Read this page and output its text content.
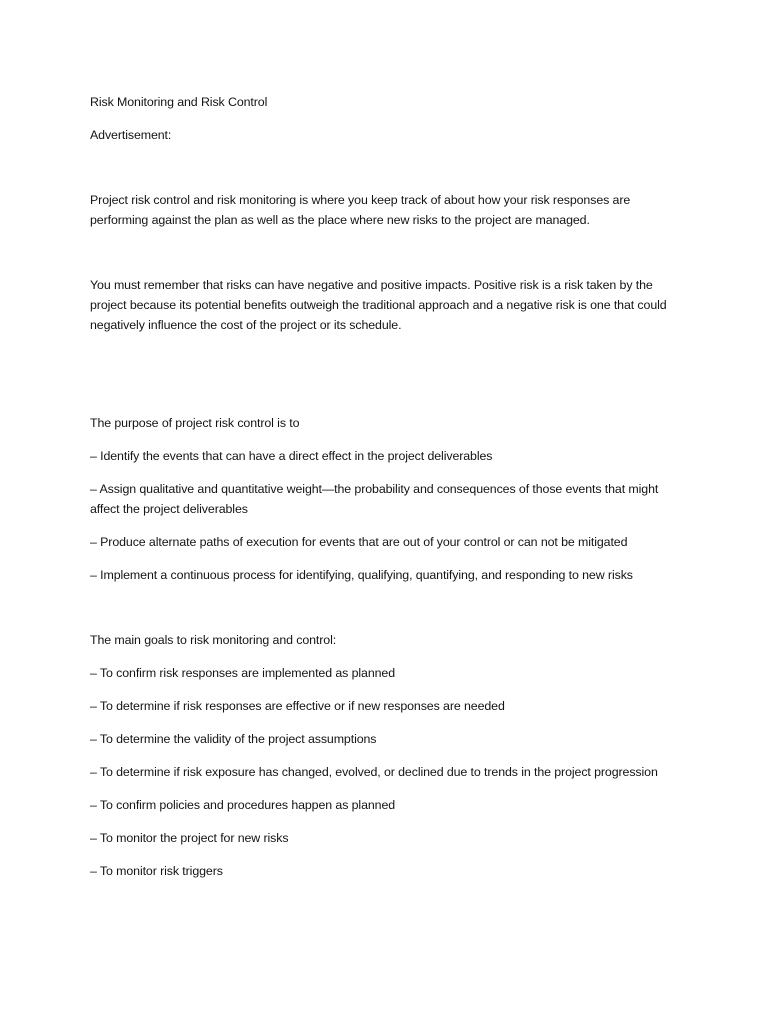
Risk Monitoring and Risk Control

Advertisement:

Project risk control and risk monitoring is where you keep track of about how your risk responses are performing against the plan as well as the place where new risks to the project are managed.

You must remember that risks can have negative and positive impacts. Positive risk is a risk taken by the project because its potential benefits outweigh the traditional approach and a negative risk is one that could negatively influence the cost of the project or its schedule.

The purpose of project risk control is to

– Identify the events that can have a direct effect in the project deliverables

– Assign qualitative and quantitative weight—the probability and consequences of those events that might affect the project deliverables

– Produce alternate paths of execution for events that are out of your control or can not be mitigated

– Implement a continuous process for identifying, qualifying, quantifying, and responding to new risks

The main goals to risk monitoring and control:

– To confirm risk responses are implemented as planned

– To determine if risk responses are effective or if new responses are needed

– To determine the validity of the project assumptions

– To determine if risk exposure has changed, evolved, or declined due to trends in the project progression

– To confirm policies and procedures happen as planned

– To monitor the project for new risks

– To monitor risk triggers
